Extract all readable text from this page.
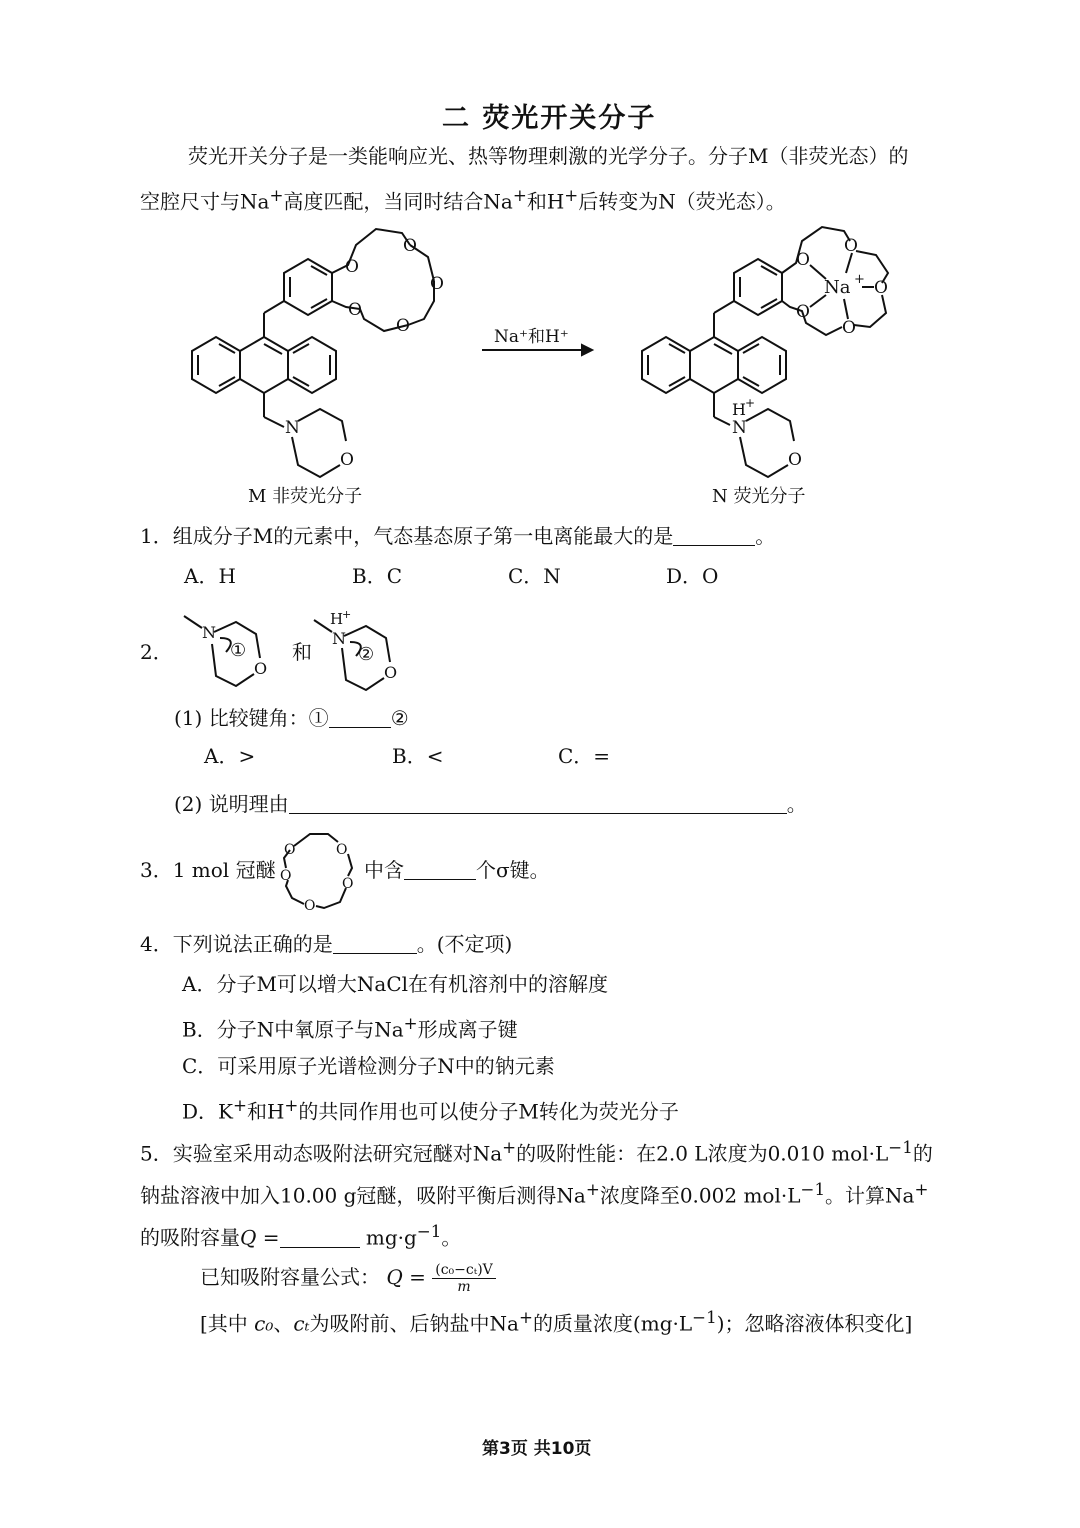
二 荧光开关分子
荧光开关分子是一类能响应光、热等物理刺激的光学分子。分子M（非荧光态）的
空腔尺寸与Na+高度匹配，当同时结合Na+和H+后转变为N（荧光态）。
O
O
O
O
O
N
O
M 非荧光分子
Na⁺和H⁺
O
O
O
O
O
Na +
H +
N
O
N 荧光分子
1．组成分子M的元素中，气态基态原子第一电离能最大的是	。
A．H	B．C	C．N	D．O
2．
N
O
① 和
H
+
N
O
②
(1) 比较键角：①	②
A．>	B．<	C．=
(2) 说明理由	。
3．1 mol 冠醚
O	O
O
O
O	中含	个σ键。
4．下列说法正确的是	。(不定项)
A．分子M可以增大NaCl在有机溶剂中的溶解度
B．分子N中氧原子与Na+形成离子键
C．可采用原子光谱检测分子N中的钠元素
D．K+和H+的共同作用也可以使分子M转化为荧光分子
5．实验室采用动态吸附法研究冠醚对Na+的吸附性能：在2.0 L浓度为0.010 $mol\cdot L^{-1}$的
钠盐溶液中加入10.00 g冠醚，吸附平衡后测得Na+浓度降至0.002 $mol\cdot L^{-1}$。计算Na+
的吸附容量Q =	$mg\cdot g^{-1}$。
已知吸附容量公式： $Q = \frac{\text{(c₀−cₜ)V}}{m}$
[其中 c₀、cₜ为吸附前、后钠盐中Na+的质量浓度$(mg\cdot L^{-1})$；忽略溶液体积变化]
第3页 共10页
